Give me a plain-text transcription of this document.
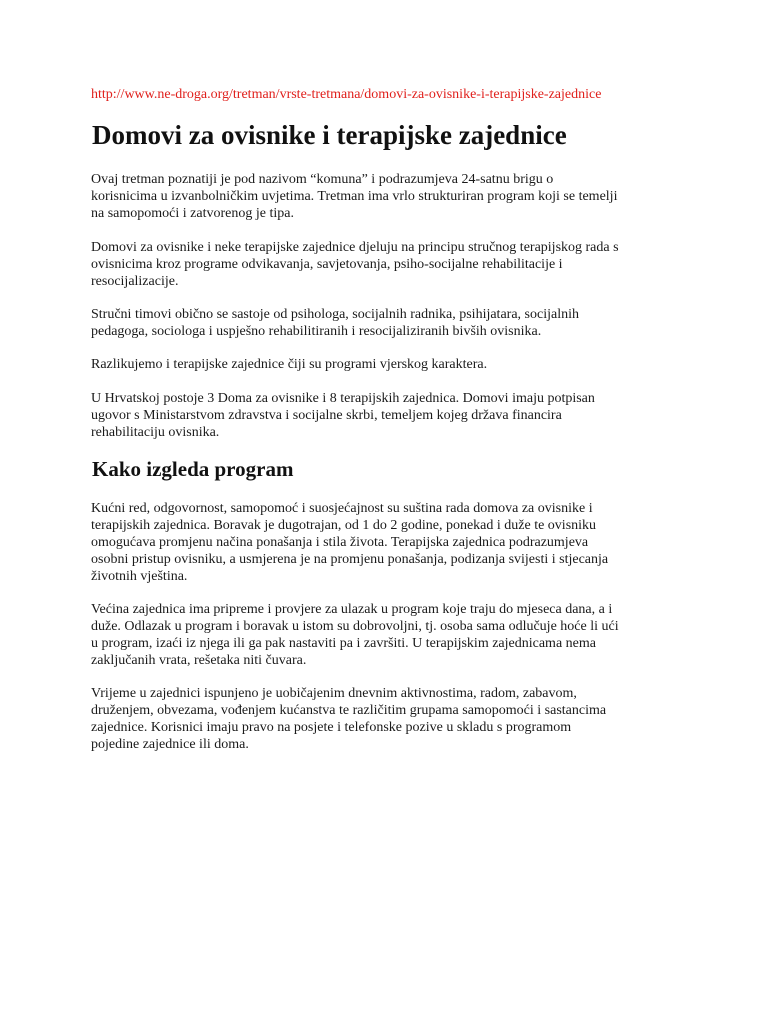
http://www.ne-droga.org/tretman/vrste-tretmana/domovi-za-ovisnike-i-terapijske-zajednice
Domovi za ovisnike i terapijske zajednice
Ovaj tretman poznatiji je pod nazivom “komuna” i podrazumjeva 24-satnu brigu o
korisnicima u izvanbolničkim uvjetima. Tretman ima vrlo strukturiran program koji se temelji
na samopomoći i zatvorenog je tipa.
Domovi za ovisnike i neke terapijske zajednice djeluju na principu stručnog terapijskog rada s
ovisnicima kroz programe odvikavanja, savjetovanja, psiho-socijalne rehabilitacije i
resocijalizacije.
Stručni timovi obično se sastoje od psihologa, socijalnih radnika, psihijatara, socijalnih
pedagoga, sociologa i uspješno rehabilitiranih i resocijaliziranih bivših ovisnika.
Razlikujemo i terapijske zajednice čiji su programi vjerskog karaktera.
U Hrvatskoj postoje 3 Doma za ovisnike i 8 terapijskih zajednica. Domovi imaju potpisan
ugovor s Ministarstvom zdravstva i socijalne skrbi, temeljem kojeg država financira
rehabilitaciju ovisnika.
Kako izgleda program
Kućni red, odgovornost, samopomoć i suosjećajnost su suština rada domova za ovisnike i
terapijskih zajednica. Boravak je dugotrajan, od 1 do 2 godine, ponekad i duže te ovisniku
omogućava promjenu načina ponašanja i stila života. Terapijska zajednica podrazumjeva
osobni pristup ovisniku, a usmjerena je na promjenu ponašanja, podizanja svijesti i stjecanja
životnih vještina.
Većina zajednica ima pripreme i provjere za ulazak u program koje traju do mjeseca dana, a i
duže. Odlazak u program i boravak u istom su dobrovoljni, tj. osoba sama odlučuje hoće li ući
u program, izaći iz njega ili ga pak nastaviti pa i završiti. U terapijskim zajednicama nema
zaključanih vrata, rešetaka niti čuvara.
Vrijeme u zajednici ispunjeno je uobičajenim dnevnim aktivnostima, radom, zabavom,
druženjem, obvezama, vođenjem kućanstva te različitim grupama samopomoći i sastancima
zajednice. Korisnici imaju pravo na posjete i telefonske pozive u skladu s programom
pojedine zajednice ili doma.
